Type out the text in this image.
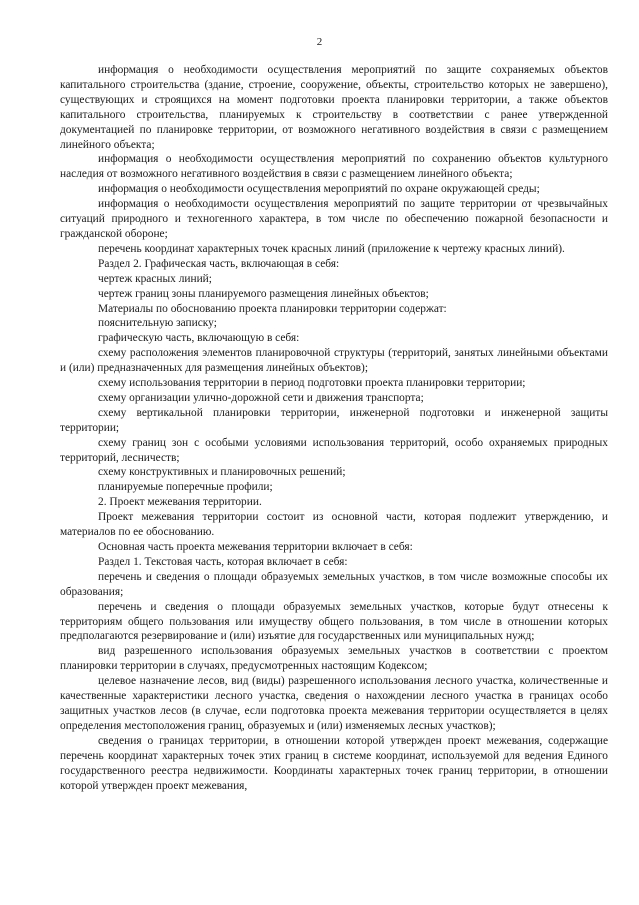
2

информация о необходимости осуществления мероприятий по защите сохраняемых объектов капитального строительства (здание, строение, сооружение, объекты, строительство которых не завершено), существующих и строящихся на момент подготовки проекта планировки территории, а также объектов капитального строительства, планируемых к строительству в соответствии с ранее утвержденной документацией по планировке территории, от возможного негативного воздействия в связи с размещением линейного объекта;

информация о необходимости осуществления мероприятий по сохранению объектов культурного наследия от возможного негативного воздействия в связи с размещением линейного объекта;

информация о необходимости осуществления мероприятий по охране окружающей среды;

информация о необходимости осуществления мероприятий по защите территории от чрезвычайных ситуаций природного и техногенного характера, в том числе по обеспечению пожарной безопасности и гражданской обороне;

перечень координат характерных точек красных линий (приложение к чертежу красных линий).

Раздел 2. Графическая часть, включающая в себя:

чертеж красных линий;

чертеж границ зоны планируемого размещения линейных объектов;

Материалы по обоснованию проекта планировки территории содержат:

пояснительную записку;

графическую часть, включающую в себя:

схему расположения элементов планировочной структуры (территорий, занятых линейными объектами и (или) предназначенных для размещения линейных объектов);

схему использования территории в период подготовки проекта планировки территории;

схему организации улично-дорожной сети и движения транспорта;

схему вертикальной планировки территории, инженерной подготовки и инженерной защиты территории;

схему границ зон с особыми условиями использования территорий, особо охраняемых природных территорий, лесничеств;

схему конструктивных и планировочных решений;

планируемые поперечные профили;

2. Проект межевания территории.

Проект межевания территории состоит из основной части, которая подлежит утверждению, и материалов по ее обоснованию.

Основная часть проекта межевания территории включает в себя:

Раздел 1. Текстовая часть, которая включает в себя:

перечень и сведения о площади образуемых земельных участков, в том числе возможные способы их образования;

перечень и сведения о площади образуемых земельных участков, которые будут отнесены к территориям общего пользования или имуществу общего пользования, в том числе в отношении которых предполагаются резервирование и (или) изъятие для государственных или муниципальных нужд;

вид разрешенного использования образуемых земельных участков в соответствии с проектом планировки территории в случаях, предусмотренных настоящим Кодексом;

целевое назначение лесов, вид (виды) разрешенного использования лесного участка, количественные и качественные характеристики лесного участка, сведения о нахождении лесного участка в границах особо защитных участков лесов (в случае, если подготовка проекта межевания территории осуществляется в целях определения местоположения границ, образуемых и (или) изменяемых лесных участков);

сведения о границах территории, в отношении которой утвержден проект межевания, содержащие перечень координат характерных точек этих границ в системе координат, используемой для ведения Единого государственного реестра недвижимости. Координаты характерных точек границ территории, в отношении которой утвержден проект межевания,
